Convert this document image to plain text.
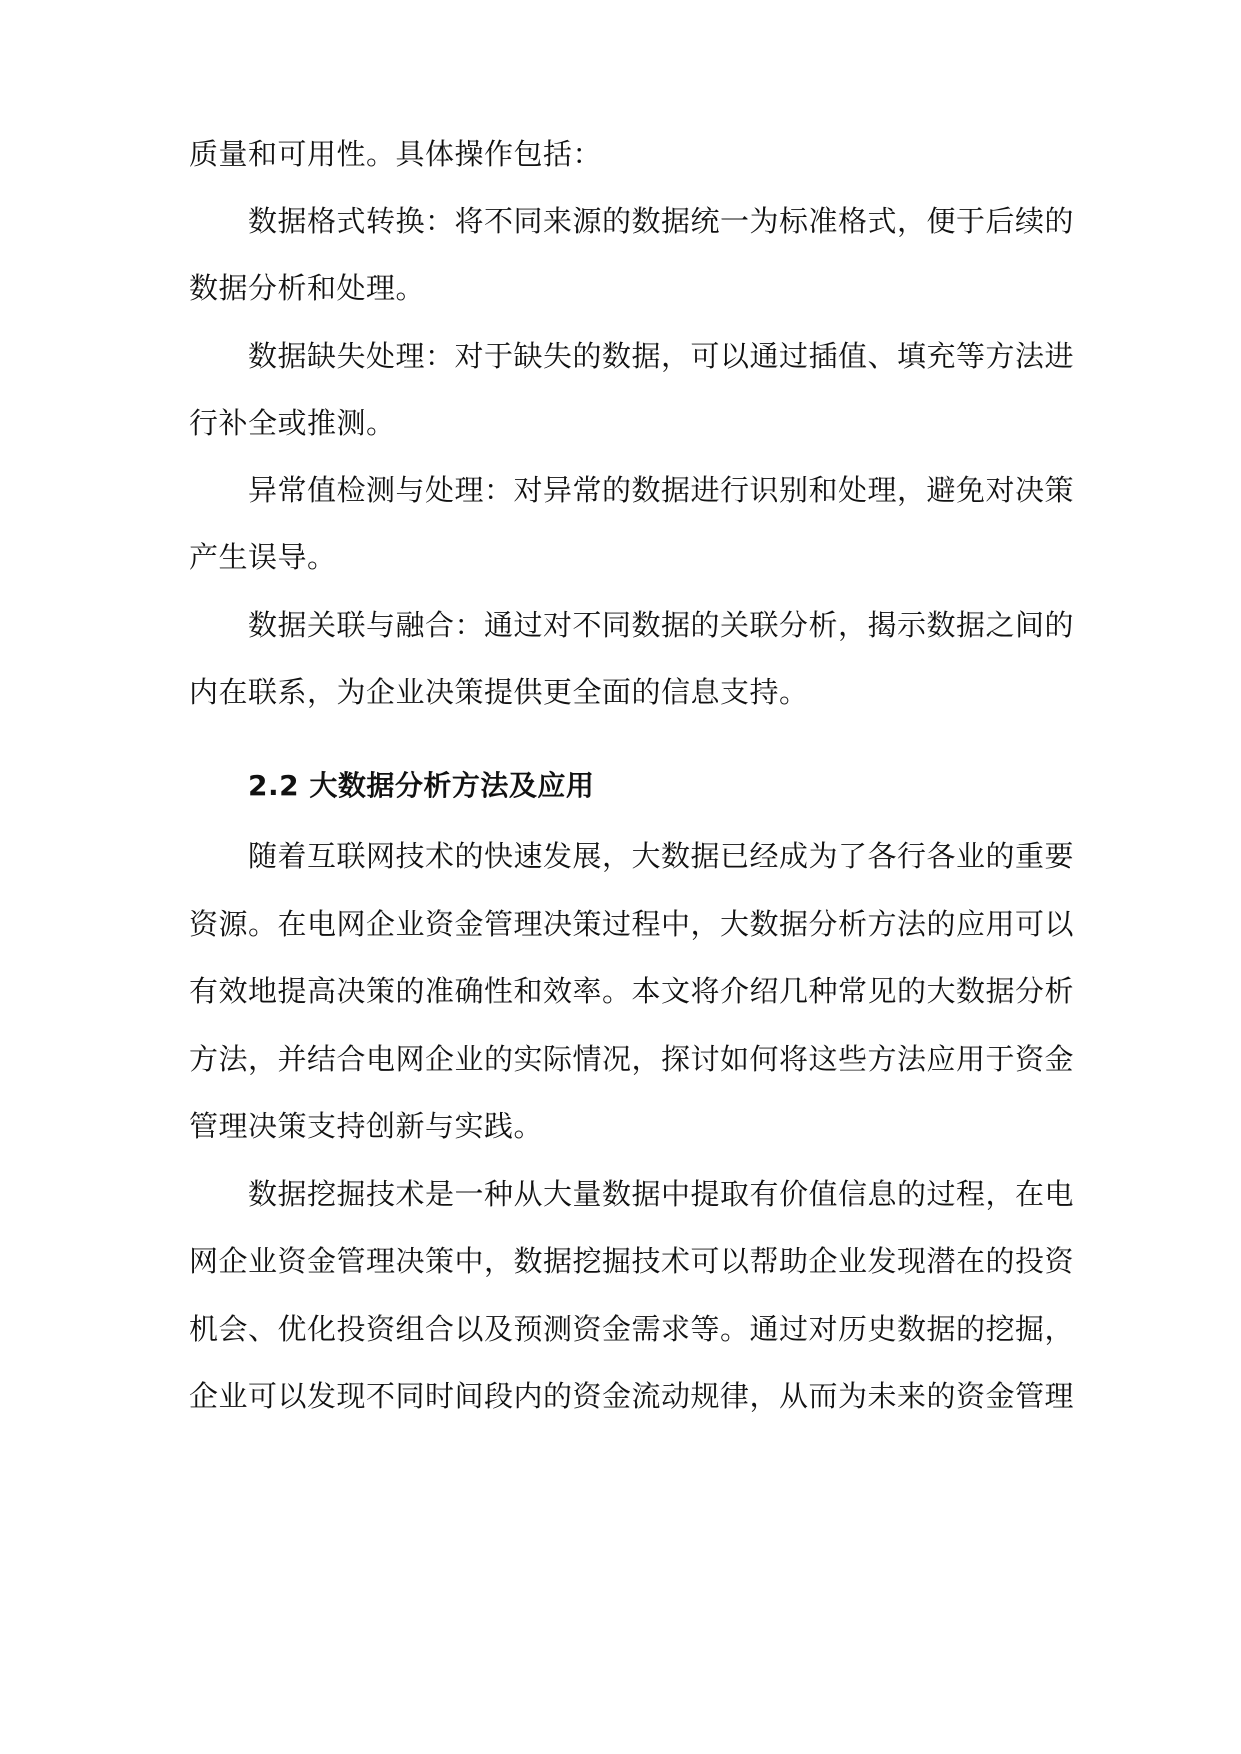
质量和可用性。具体操作包括：
数据格式转换：将不同来源的数据统一为标准格式，便于后续的
数据分析和处理。
数据缺失处理：对于缺失的数据，可以通过插值、填充等方法进
行补全或推测。
异常值检测与处理：对异常的数据进行识别和处理，避免对决策
产生误导。
数据关联与融合：通过对不同数据的关联分析，揭示数据之间的
内在联系，为企业决策提供更全面的信息支持。
2.2 大数据分析方法及应用
随着互联网技术的快速发展，大数据已经成为了各行各业的重要
资源。在电网企业资金管理决策过程中，大数据分析方法的应用可以
有效地提高决策的准确性和效率。本文将介绍几种常见的大数据分析
方法，并结合电网企业的实际情况，探讨如何将这些方法应用于资金
管理决策支持创新与实践。
数据挖掘技术是一种从大量数据中提取有价值信息的过程，在电
网企业资金管理决策中，数据挖掘技术可以帮助企业发现潜在的投资
机会、优化投资组合以及预测资金需求等。通过对历史数据的挖掘，
企业可以发现不同时间段内的资金流动规律，从而为未来的资金管理
